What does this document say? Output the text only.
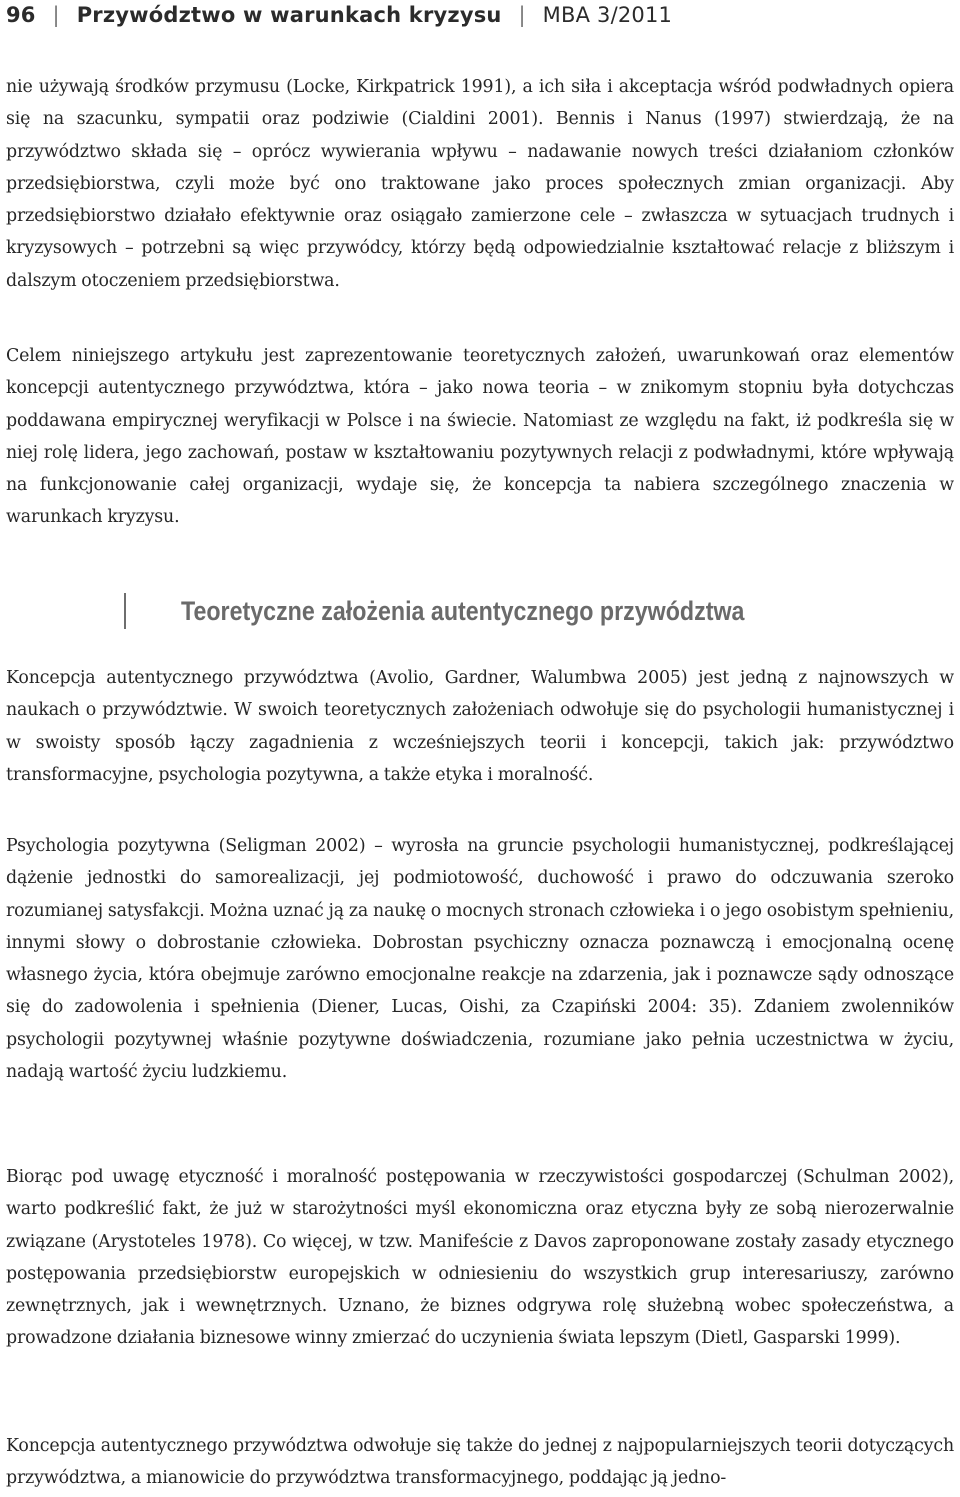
96 | Przywództwo w warunkach kryzysu | MBA 3/2011

nie używają środków przymusu (Locke, Kirkpatrick 1991), a ich siła i akceptacja wśród podwładnych opiera się na szacunku, sympatii oraz podziwie (Cialdini 2001). Bennis i Nanus (1997) stwierdzają, że na przywództwo składa się – oprócz wywierania wpływu – nadawanie nowych treści działaniom członków przedsiębiorstwa, czyli może być ono traktowane jako proces społecznych zmian organizacji. Aby przedsiębiorstwo działało efektywnie oraz osiągało zamierzone cele – zwłaszcza w sytuacjach trudnych i kryzysowych – potrzebni są więc przywódcy, którzy będą odpowiedzialnie kształtować relacje z bliższym i dalszym otoczeniem przedsiębiorstwa.

Celem niniejszego artykułu jest zaprezentowanie teoretycznych założeń, uwarunkowań oraz elementów koncepcji autentycznego przywództwa, która – jako nowa teoria – w znikomym stopniu była dotychczas poddawana empirycznej weryfikacji w Polsce i na świecie. Natomiast ze względu na fakt, iż podkreśla się w niej rolę lidera, jego zachowań, postaw w kształtowaniu pozytywnych relacji z podwładnymi, które wpływają na funkcjonowanie całej organizacji, wydaje się, że koncepcja ta nabiera szczególnego znaczenia w warunkach kryzysu.

Teoretyczne założenia autentycznego przywództwa

Koncepcja autentycznego przywództwa (Avolio, Gardner, Walumbwa 2005) jest jedną z najnowszych w naukach o przywództwie. W swoich teoretycznych założeniach odwołuje się do psychologii humanistycznej i w swoisty sposób łączy zagadnienia z wcześniejszych teorii i koncepcji, takich jak: przywództwo transformacyjne, psychologia pozytywna, a także etyka i moralność.

Psychologia pozytywna (Seligman 2002) – wyrosła na gruncie psychologii humanistycznej, podkreślającej dążenie jednostki do samorealizacji, jej podmiotowość, duchowość i prawo do odczuwania szeroko rozumianej satysfakcji. Można uznać ją za naukę o mocnych stronach człowieka i o jego osobistym spełnieniu, innymi słowy o dobrostanie człowieka. Dobrostan psychiczny oznacza poznawczą i emocjonalną ocenę własnego życia, która obejmuje zarówno emocjonalne reakcje na zdarzenia, jak i poznawcze sądy odnoszące się do zadowolenia i spełnienia (Diener, Lucas, Oishi, za Czapiński 2004: 35). Zdaniem zwolenników psychologii pozytywnej właśnie pozytywne doświadczenia, rozumiane jako pełnia uczestnictwa w życiu, nadają wartość życiu ludzkiemu.

Biorąc pod uwagę etyczność i moralność postępowania w rzeczywistości gospodarczej (Schulman 2002), warto podkreślić fakt, że już w starożytności myśl ekonomiczna oraz etyczna były ze sobą nierozerwalnie związane (Arystoteles 1978). Co więcej, w tzw. Manifeście z Davos zaproponowane zostały zasady etycznego postępowania przedsiębiorstw europejskich w odniesieniu do wszystkich grup interesariuszy, zarówno zewnętrznych, jak i wewnętrznych. Uznano, że biznes odgrywa rolę służebną wobec społeczeństwa, a prowadzone działania biznesowe winny zmierzać do uczynienia świata lepszym (Dietl, Gasparski 1999).

Koncepcja autentycznego przywództwa odwołuje się także do jednej z najpopularniejszych teorii dotyczących przywództwa, a mianowicie do przywództwa transformacyjnego, poddając ją jedno-
